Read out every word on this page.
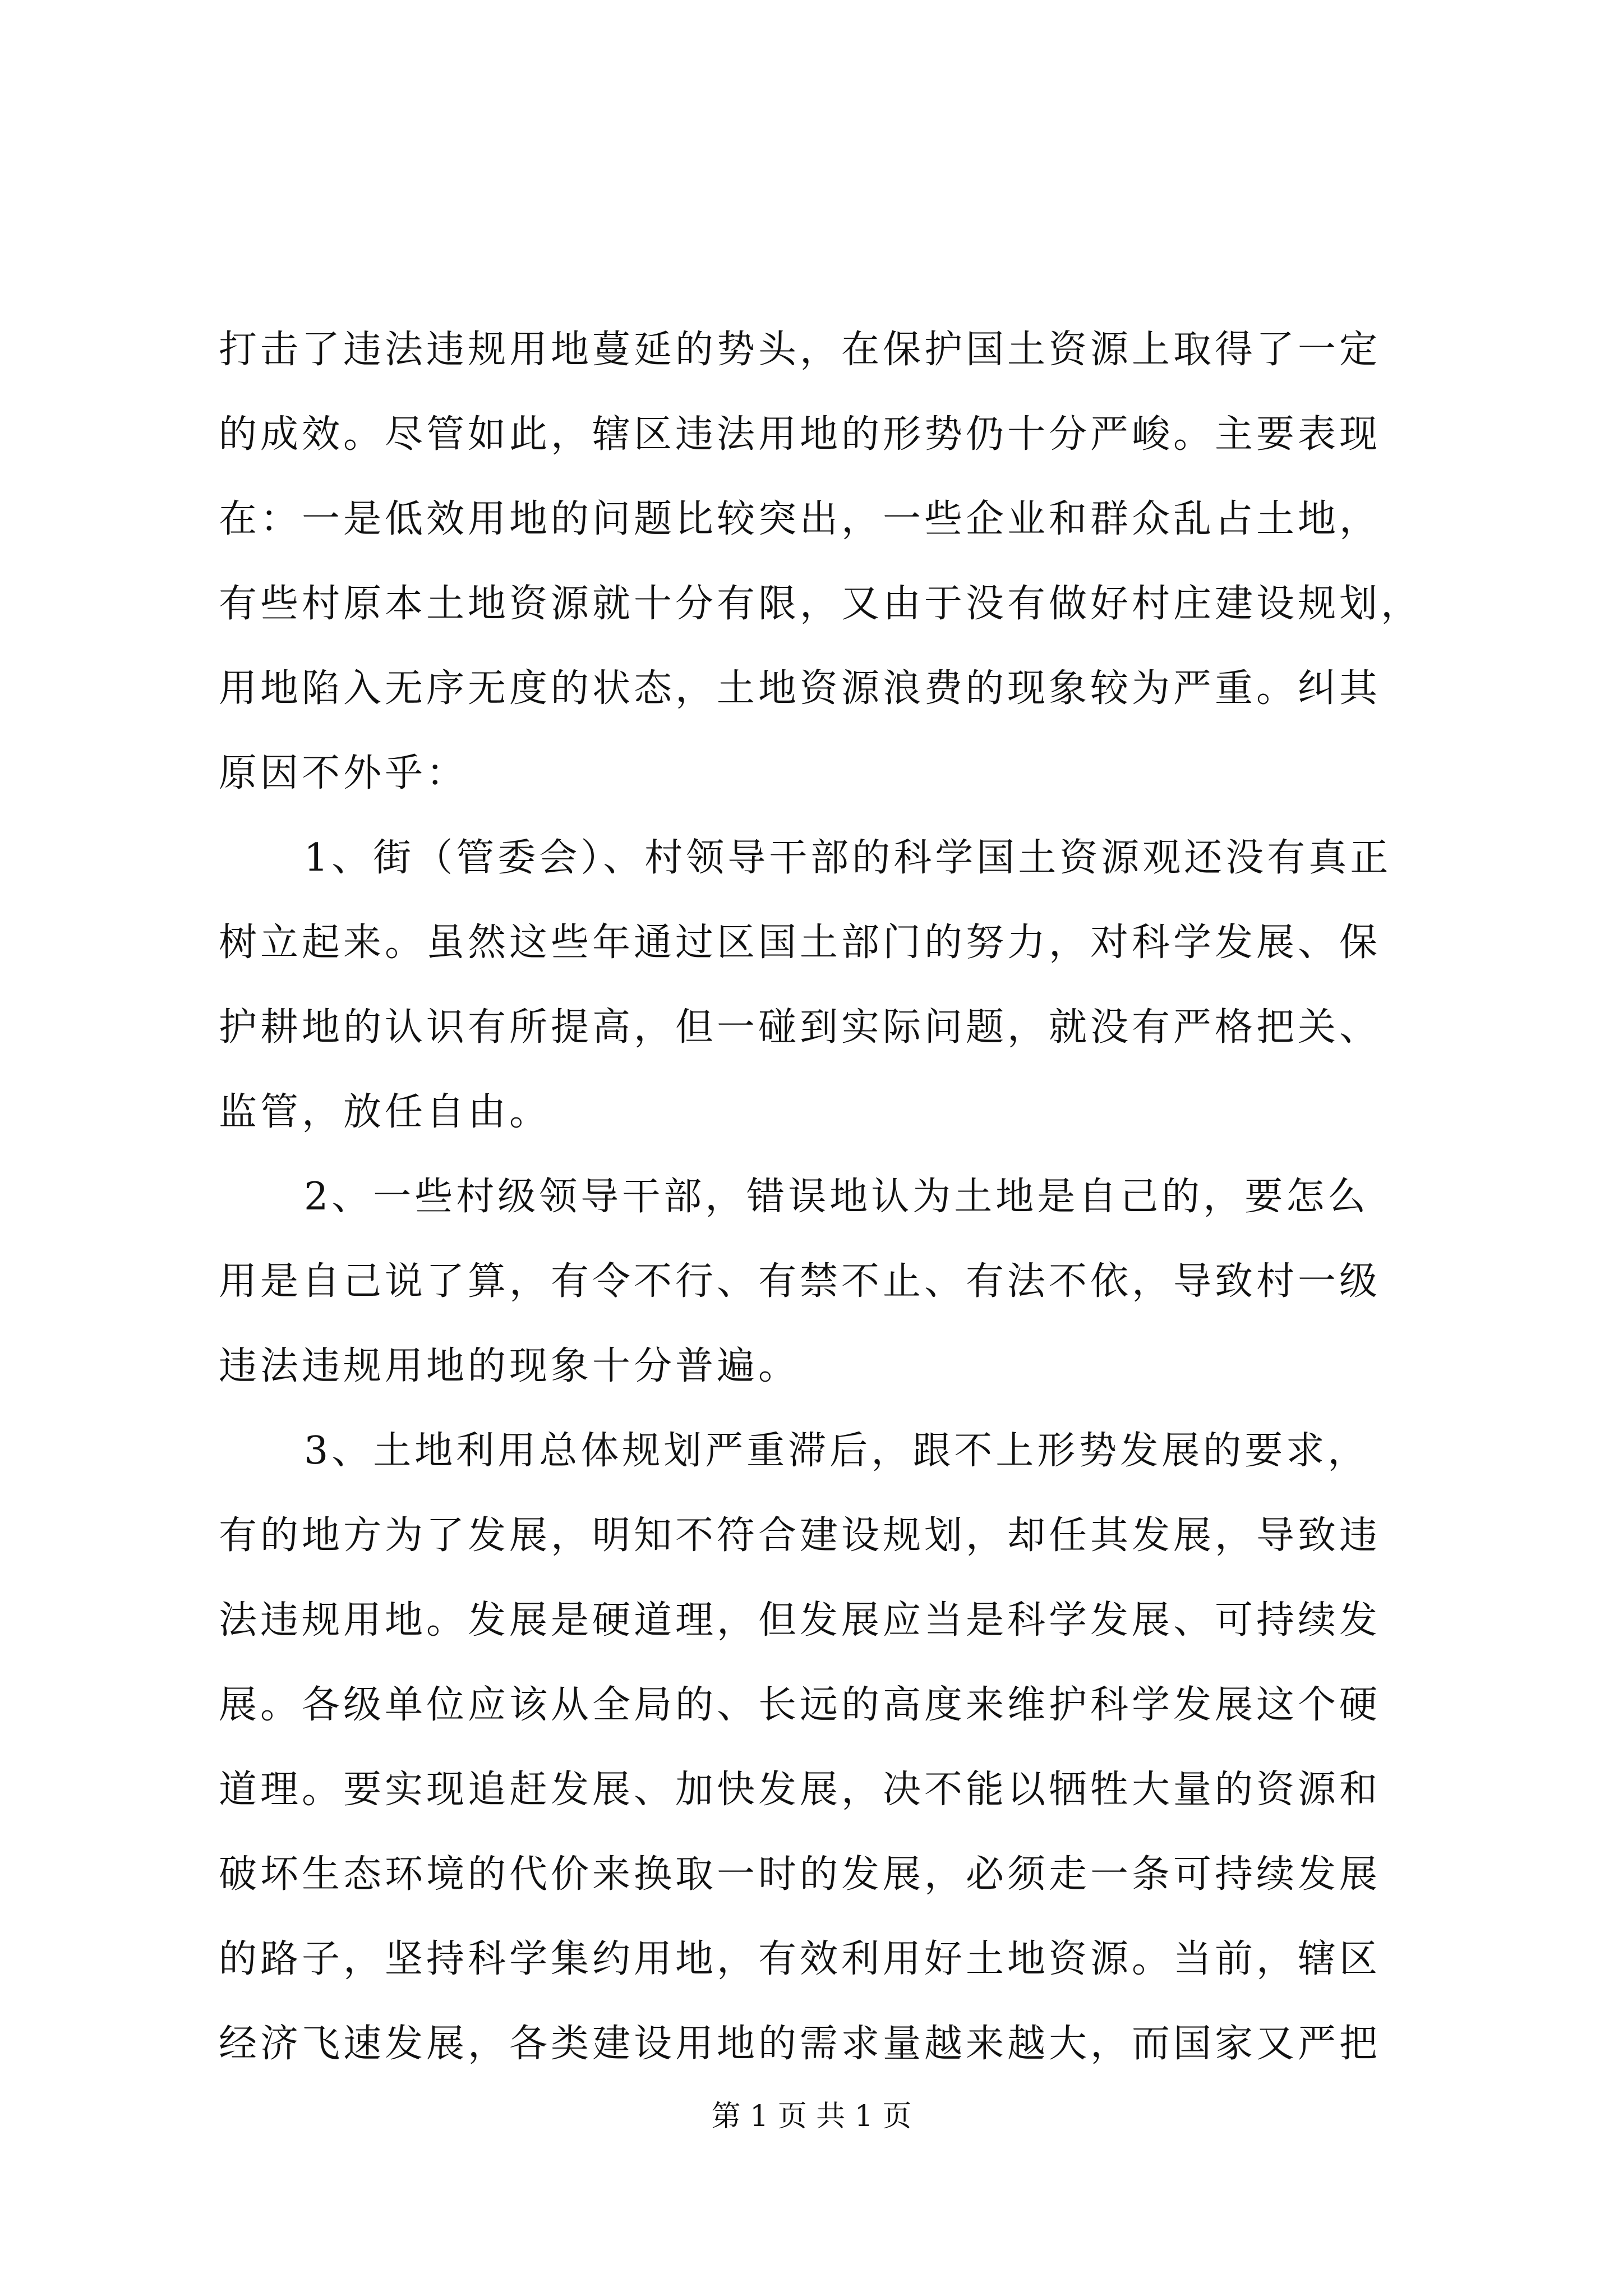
打击了违法违规用地蔓延的势头，在保护国土资源上取得了一定
的成效。尽管如此，辖区违法用地的形势仍十分严峻。主要表现
在：一是低效用地的问题比较突出，一些企业和群众乱占土地，
有些村原本土地资源就十分有限，又由于没有做好村庄建设规划，
用地陷入无序无度的状态，土地资源浪费的现象较为严重。纠其
原因不外乎：
1、街（管委会）、村领导干部的科学国土资源观还没有真正
树立起来。虽然这些年通过区国土部门的努力，对科学发展、保
护耕地的认识有所提高，但一碰到实际问题，就没有严格把关、
监管，放任自由。
2、一些村级领导干部，错误地认为土地是自己的，要怎么
用是自己说了算，有令不行、有禁不止、有法不依，导致村一级
违法违规用地的现象十分普遍。
3、土地利用总体规划严重滞后，跟不上形势发展的要求，
有的地方为了发展，明知不符合建设规划，却任其发展，导致违
法违规用地。发展是硬道理，但发展应当是科学发展、可持续发
展。各级单位应该从全局的、长远的高度来维护科学发展这个硬
道理。要实现追赶发展、加快发展，决不能以牺牲大量的资源和
破坏生态环境的代价来换取一时的发展，必须走一条可持续发展
的路子，坚持科学集约用地，有效利用好土地资源。当前，辖区
经济飞速发展，各类建设用地的需求量越来越大，而国家又严把
第 1 页 共 1 页
